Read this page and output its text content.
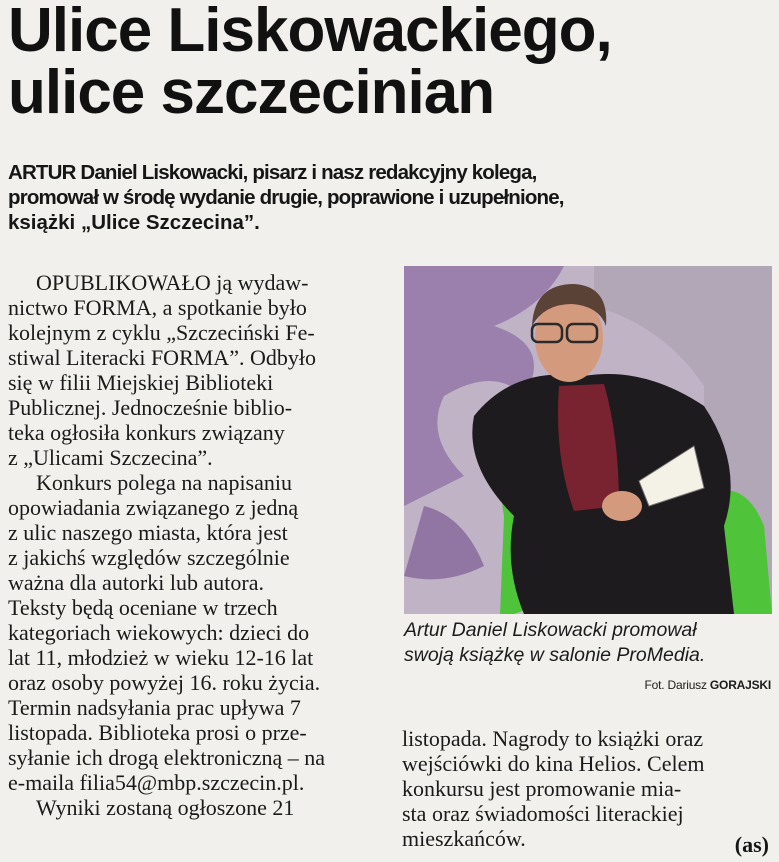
Ulice Liskowackiego,
ulice szczecinian
ARTUR Daniel Liskowacki, pisarz i nasz redakcyjny kolega,
promował w środę wydanie drugie, poprawione i uzupełnione,
książki „Ulice Szczecina”.
OPUBLIKOWAŁO ją wydaw-
nictwo FORMA, a spotkanie było
kolejnym z cyklu „Szczeciński Fe-
stiwal Literacki FORMA”. Odbyło
się w filii Miejskiej Biblioteki
Publicznej. Jednocześnie biblio-
teka ogłosiła konkurs związany
z „Ulicami Szczecina”.
Konkurs polega na napisaniu
opowiadania związanego z jedną
z ulic naszego miasta, która jest
z jakichś względów szczególnie
ważna dla autorki lub autora.
Teksty będą oceniane w trzech
kategoriach wiekowych: dzieci do
lat 11, młodzież w wieku 12-16 lat
oraz osoby powyżej 16. roku życia.
Termin nadsyłania prac upływa 7
listopada. Biblioteka prosi o prze-
syłanie ich drogą elektroniczną – na
e-maila filia54@mbp.szczecin.pl.
Wyniki zostaną ogłoszone 21
Artur Daniel Liskowacki promował
swoją książkę w salonie ProMedia.
Fot. Dariusz GORAJSKI
listopada. Nagrody to książki oraz
wejściówki do kina Helios. Celem
konkursu jest promowanie mia-
sta oraz świadomości literackiej
mieszkańców.	(as)
